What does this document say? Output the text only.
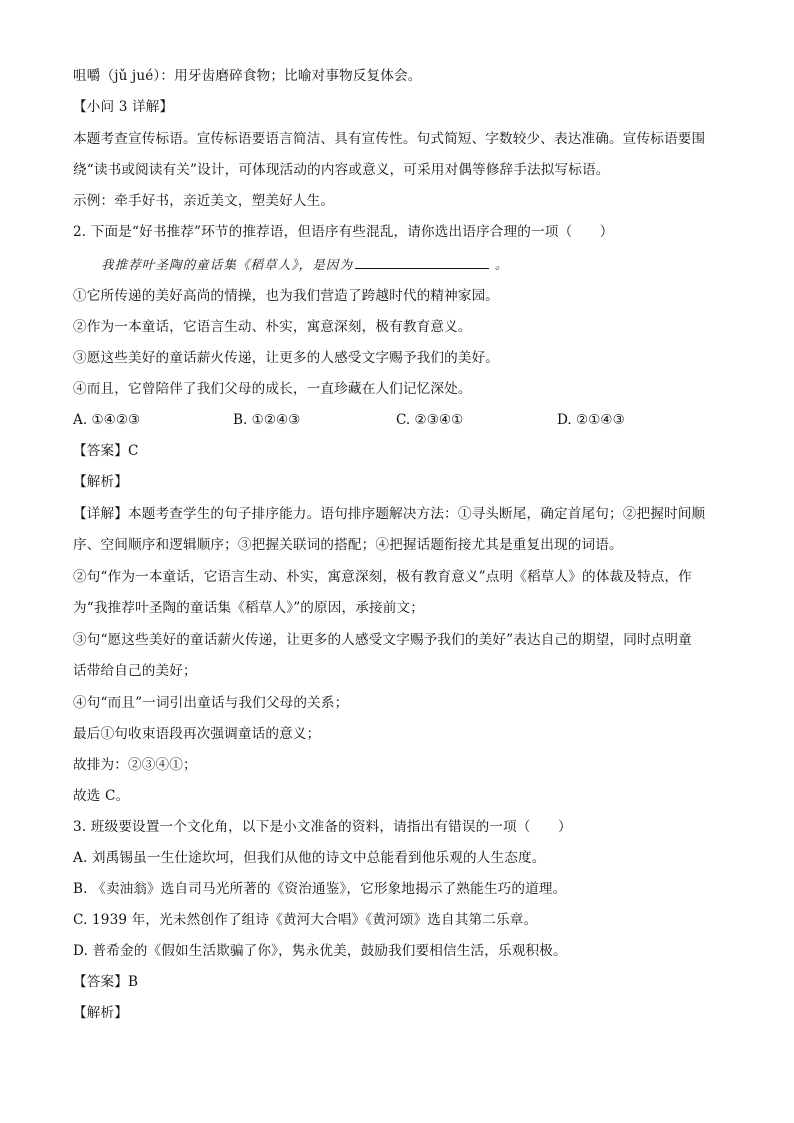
咀嚼（jǔ jué）：用牙齿磨碎食物；比喻对事物反复体会。
【小问 3 详解】
本题考查宣传标语。宣传标语要语言简洁、具有宣传性。句式简短、字数较少、表达准确。宣传标语要围
绕“读书或阅读有关”设计，可体现活动的内容或意义，可采用对偶等修辞手法拟写标语。
示例：牵手好书，亲近美文，塑美好人生。
2. 下面是“好书推荐”环节的推荐语，但语序有些混乱，请你选出语序合理的一项（　　）
我推荐叶圣陶的童话集《稻草人》，是因为	。
①它所传递的美好高尚的情操，也为我们营造了跨越时代的精神家园。
②作为一本童话，它语言生动、朴实，寓意深刻，极有教育意义。
③愿这些美好的童话薪火传递，让更多的人感受文字赐予我们的美好。
④而且，它曾陪伴了我们父母的成长，一直珍藏在人们记忆深处。
A. ①④②③	B. ①②④③	C. ②③④①	D. ②①④③
【答案】C
【解析】
【详解】本题考查学生的句子排序能力。语句排序题解决方法：①寻头断尾，确定首尾句；②把握时间顺
序、空间顺序和逻辑顺序；③把握关联词的搭配；④把握话题衔接尤其是重复出现的词语。
②句“作为一本童话，它语言生动、朴实，寓意深刻，极有教育意义”点明《稻草人》的体裁及特点，作
为“我推荐叶圣陶的童话集《稻草人》”的原因，承接前文；
③句“愿这些美好的童话薪火传递，让更多的人感受文字赐予我们的美好”表达自己的期望，同时点明童
话带给自己的美好；
④句“而且”一词引出童话与我们父母的关系；
最后①句收束语段再次强调童话的意义；
故排为：②③④①；
故选 C。
3. 班级要设置一个文化角，以下是小文准备的资料，请指出有错误的一项（　　）
A. 刘禹锡虽一生仕途坎坷，但我们从他的诗文中总能看到他乐观的人生态度。
B. 《卖油翁》选自司马光所著的《资治通鉴》，它形象地揭示了熟能生巧的道理。
C. 1939 年，光未然创作了组诗《黄河大合唱》《黄河颂》选自其第二乐章。
D. 普希金的《假如生活欺骗了你》，隽永优美，鼓励我们要相信生活，乐观积极。
【答案】B
【解析】
